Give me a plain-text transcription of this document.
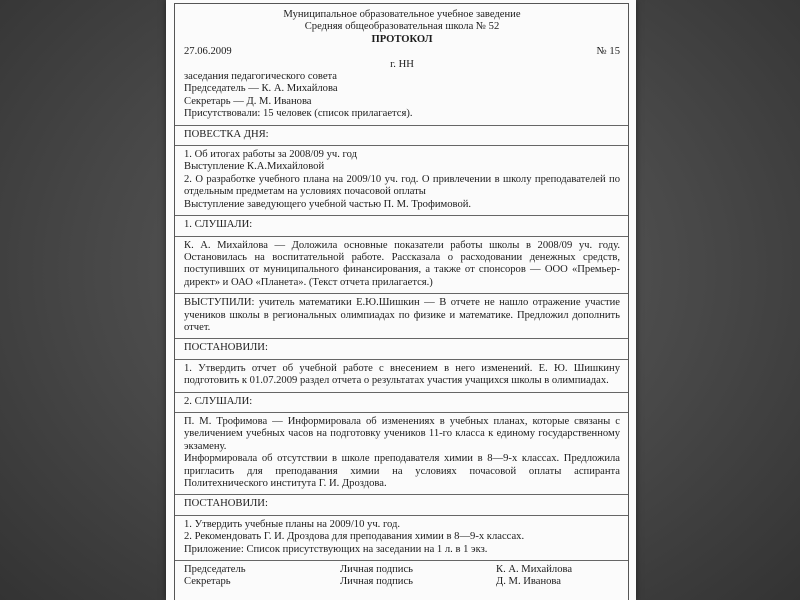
Муниципальное образовательное учебное заведение

Средняя общеобразовательная школа № 52

ПРОТОКОЛ

27.06.2009	№ 15

г. НН

заседания педагогического совета

Председатель — К. А. Михайлова

Секретарь — Д. М. Иванова

Присутствовали: 15 человек (список прилагается).

ПОВЕСТКА ДНЯ:

1. Об итогах работы за 2008/09 уч. год

Выступление К.А.Михайловой

2. О разработке учебного плана на 2009/10 уч. год. О привлечении в школу преподавателей по отдельным предметам на условиях почасовой оплаты

Выступление заведующего учебной частью П. М. Трофимовой.

1. СЛУШАЛИ:

К. А. Михайлова — Доложила основные показатели работы школы в 2008/09 уч. году. Остановилась на воспитательной работе. Рассказала о расходовании денежных средств, поступивших от муниципального финансирования, а также от спонсоров — ООО «Премьер-директ» и ОАО «Планета». (Текст отчета прилагается.)

ВЫСТУПИЛИ: учитель математики Е.Ю.Шишкин — В отчете не нашло отражение участие учеников школы в региональных олимпиадах по физике и математике. Предложил дополнить отчет.

ПОСТАНОВИЛИ:

1. Утвердить отчет об учебной работе с внесением в него изменений. Е. Ю. Шишкину подготовить к 01.07.2009 раздел отчета о результатах участия учащихся школы в олимпиадах.

2. СЛУШАЛИ:

П. М. Трофимова — Информировала об изменениях в учебных планах, которые связаны с увеличением учебных часов на подготовку учеников 11-го класса к единому государственному экзамену.

Информировала об отсутствии в школе преподавателя химии в 8—9-х классах. Предложила пригласить для преподавания химии на условиях почасовой оплаты аспиранта Политехнического института Г. И. Дроздова.

ПОСТАНОВИЛИ:

1. Утвердить учебные планы на 2009/10 уч. год.

2. Рекомендовать Г. И. Дроздова для преподавания химии в 8—9-х классах.

Приложение: Список присутствующих на заседании на 1 л. в 1 экз.

Председатель	Личная подпись	К. А. Михайлова
Секретарь	Личная подпись	Д. М. Иванова
